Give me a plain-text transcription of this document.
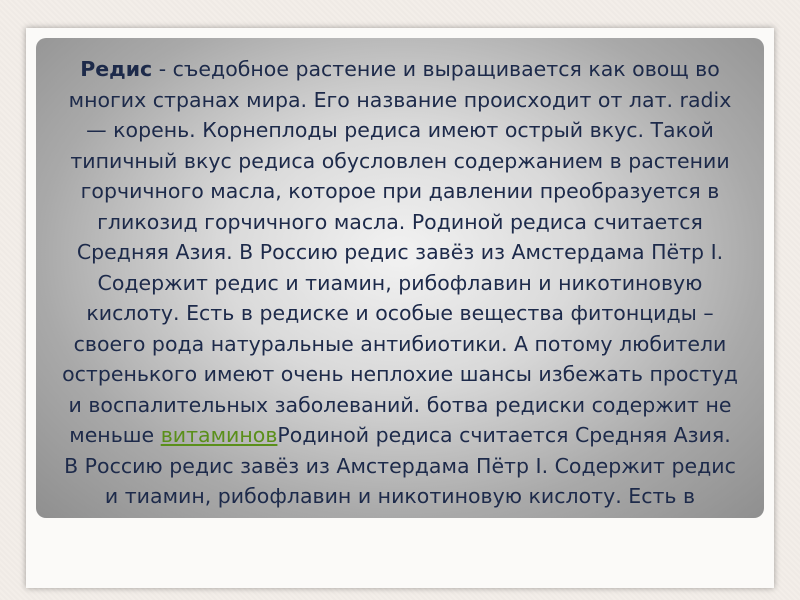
Редис - съедобное растение и выращивается как овощ во многих странах мира. Его название происходит от лат. radix — корень. Корнеплоды редиса имеют острый вкус. Такой типичный вкус редиса обусловлен содержанием в растении горчичного масла, которое при давлении преобразуется в гликозид горчичного масла. Родиной редиса считается Средняя Азия. В Россию редис завёз из Амстердама Пётр I. Содержит редис и тиамин, рибофлавин и никотиновую кислоту. Есть в редиске и особые вещества фитонциды – своего рода натуральные антибиотики. А потому любители остренького имеют очень неплохие шансы избежать простуд и воспалительных заболеваний. ботва редиски содержит не меньше витаминовРодиной редиса считается Средняя Азия. В Россию редис завёз из Амстердама Пётр I. Содержит редис и тиамин, рибофлавин и никотиновую кислоту. Есть в
